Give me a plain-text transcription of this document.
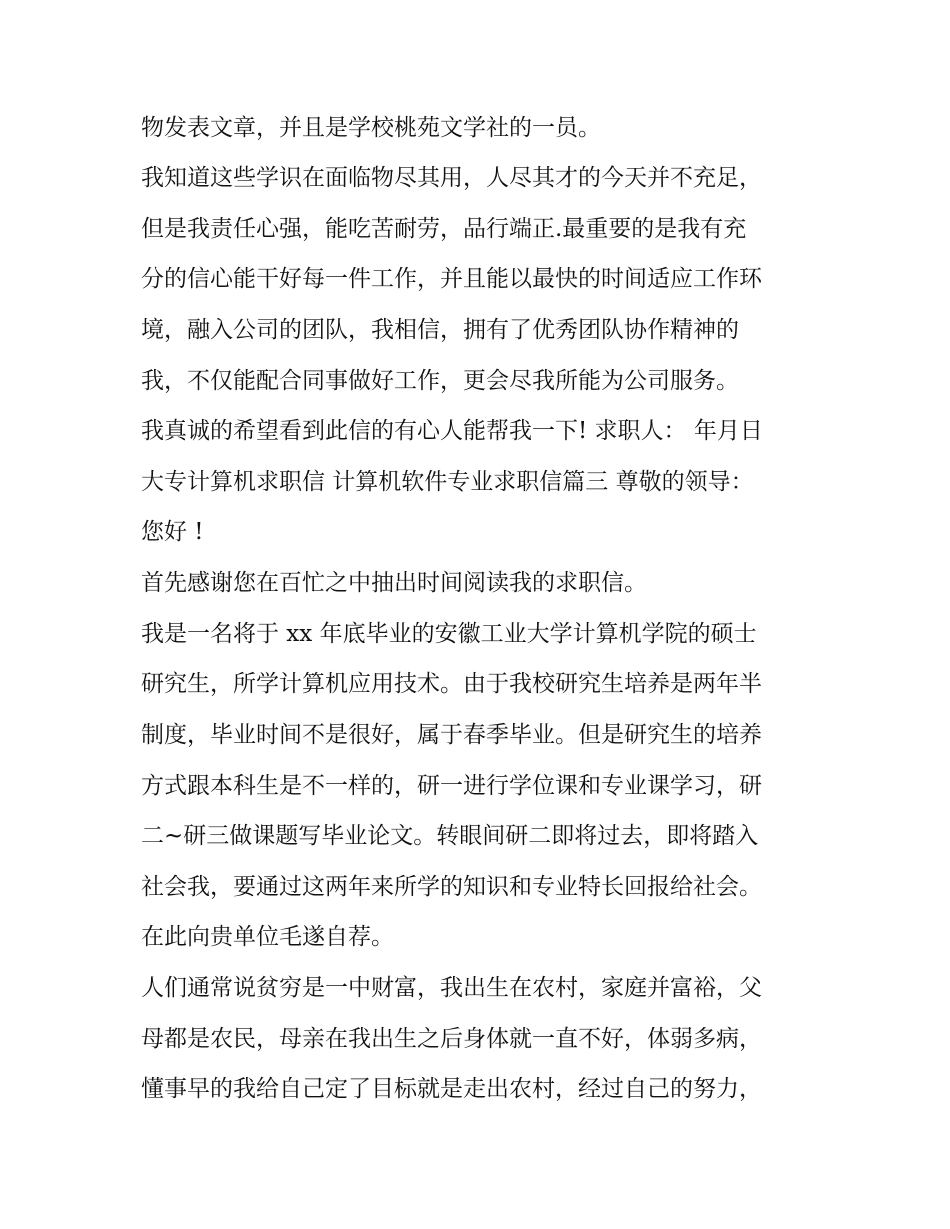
物发表文章，并且是学校桃苑文学社的一员。
我知道这些学识在面临物尽其用，人尽其才的今天并不充足，
但是我责任心强，能吃苦耐劳，品行端正.最重要的是我有充
分的信心能干好每一件工作，并且能以最快的时间适应工作环
境，融入公司的团队，我相信，拥有了优秀团队协作精神的
我，不仅能配合同事做好工作，更会尽我所能为公司服务。
我真诚的希望看到此信的有心人能帮我一下! 求职人： 年月日
大专计算机求职信 计算机软件专业求职信篇三 尊敬的领导：
您好 !
首先感谢您在百忙之中抽出时间阅读我的求职信。
我是一名将于 xx 年底毕业的安徽工业大学计算机学院的硕士
研究生，所学计算机应用技术。由于我校研究生培养是两年半
制度，毕业时间不是很好，属于春季毕业。但是研究生的培养
方式跟本科生是不一样的，研一进行学位课和专业课学习，研
二~研三做课题写毕业论文。转眼间研二即将过去，即将踏入
社会我，要通过这两年来所学的知识和专业特长回报给社会。
在此向贵单位毛遂自荐。
人们通常说贫穷是一中财富，我出生在农村，家庭并富裕，父
母都是农民，母亲在我出生之后身体就一直不好，体弱多病，
懂事早的我给自己定了目标就是走出农村，经过自己的努力，
